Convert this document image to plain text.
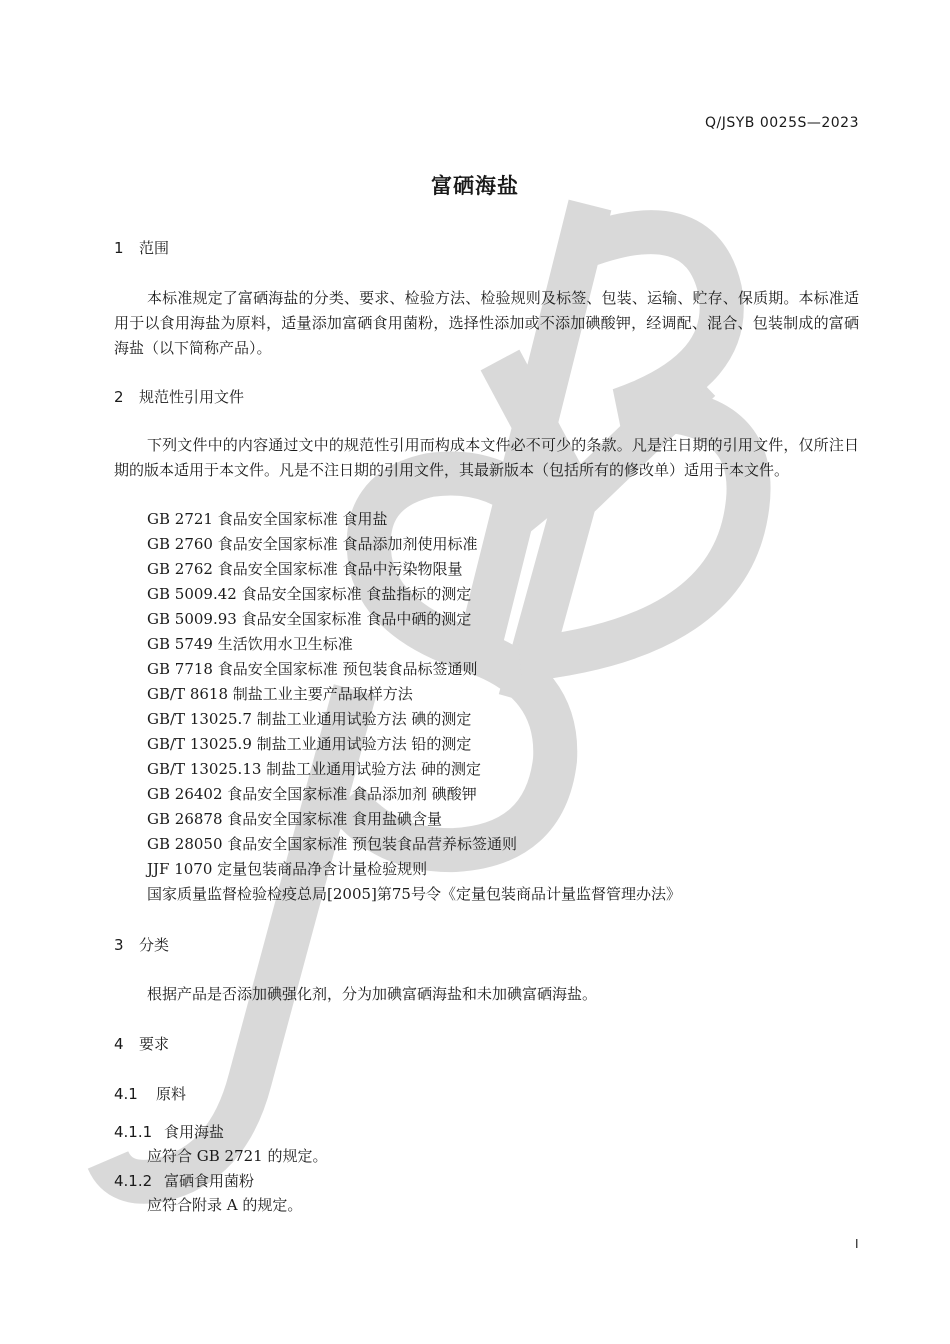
Q/JSYB 0025S—2023
富硒海盐
1 范围
本标准规定了富硒海盐的分类、要求、检验方法、检验规则及标签、包装、运输、贮存、保质期。本标准适用于以食用海盐为原料，适量添加富硒食用菌粉，选择性添加或不添加碘酸钾，经调配、混合、包装制成的富硒海盐（以下简称产品）。
2 规范性引用文件
下列文件中的内容通过文中的规范性引用而构成本文件必不可少的条款。凡是注日期的引用文件，仅所注日期的版本适用于本文件。凡是不注日期的引用文件，其最新版本（包括所有的修改单）适用于本文件。
GB 2721 食品安全国家标准 食用盐
GB 2760 食品安全国家标准 食品添加剂使用标准
GB 2762 食品安全国家标准 食品中污染物限量
GB 5009.42 食品安全国家标准 食盐指标的测定
GB 5009.93 食品安全国家标准 食品中硒的测定
GB 5749 生活饮用水卫生标准
GB 7718 食品安全国家标准 预包装食品标签通则
GB/T 8618 制盐工业主要产品取样方法
GB/T 13025.7 制盐工业通用试验方法 碘的测定
GB/T 13025.9 制盐工业通用试验方法 铅的测定
GB/T 13025.13 制盐工业通用试验方法 砷的测定
GB 26402 食品安全国家标准 食品添加剂 碘酸钾
GB 26878 食品安全国家标准 食用盐碘含量
GB 28050 食品安全国家标准 预包装食品营养标签通则
JJF 1070 定量包装商品净含计量检验规则
国家质量监督检验检疫总局[2005]第75号令《定量包装商品计量监督管理办法》
3 分类
根据产品是否添加碘强化剂，分为加碘富硒海盐和未加碘富硒海盐。
4 要求
4.1 原料
4.1.1 食用海盐
应符合 GB 2721 的规定。
4.1.2 富硒食用菌粉
应符合附录 A 的规定。
I
